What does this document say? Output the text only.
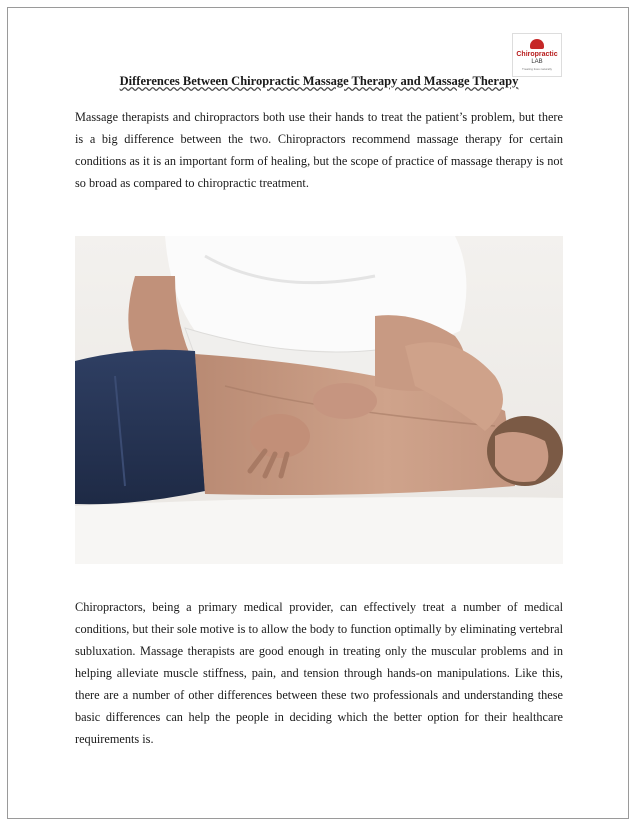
Chiropractic
LAB
Treating lives naturally
Differences Between Chiropractic Massage Therapy and Massage Therapy

Massage therapists and chiropractors both use their hands to treat the patient’s problem, but there is a big difference between the two. Chiropractors recommend massage therapy for certain conditions as it is an important form of healing, but the scope of practice of massage therapy is not so broad as compared to chiropractic treatment.

Chiropractors, being a primary medical provider, can effectively treat a number of medical conditions, but their sole motive is to allow the body to function optimally by eliminating vertebral subluxation. Massage therapists are good enough in treating only the muscular problems and in helping alleviate muscle stiffness, pain, and tension through hands-on manipulations. Like this, there are a number of other differences between these two professionals and understanding these basic differences can help the people in deciding which the better option for their healthcare requirements is.
